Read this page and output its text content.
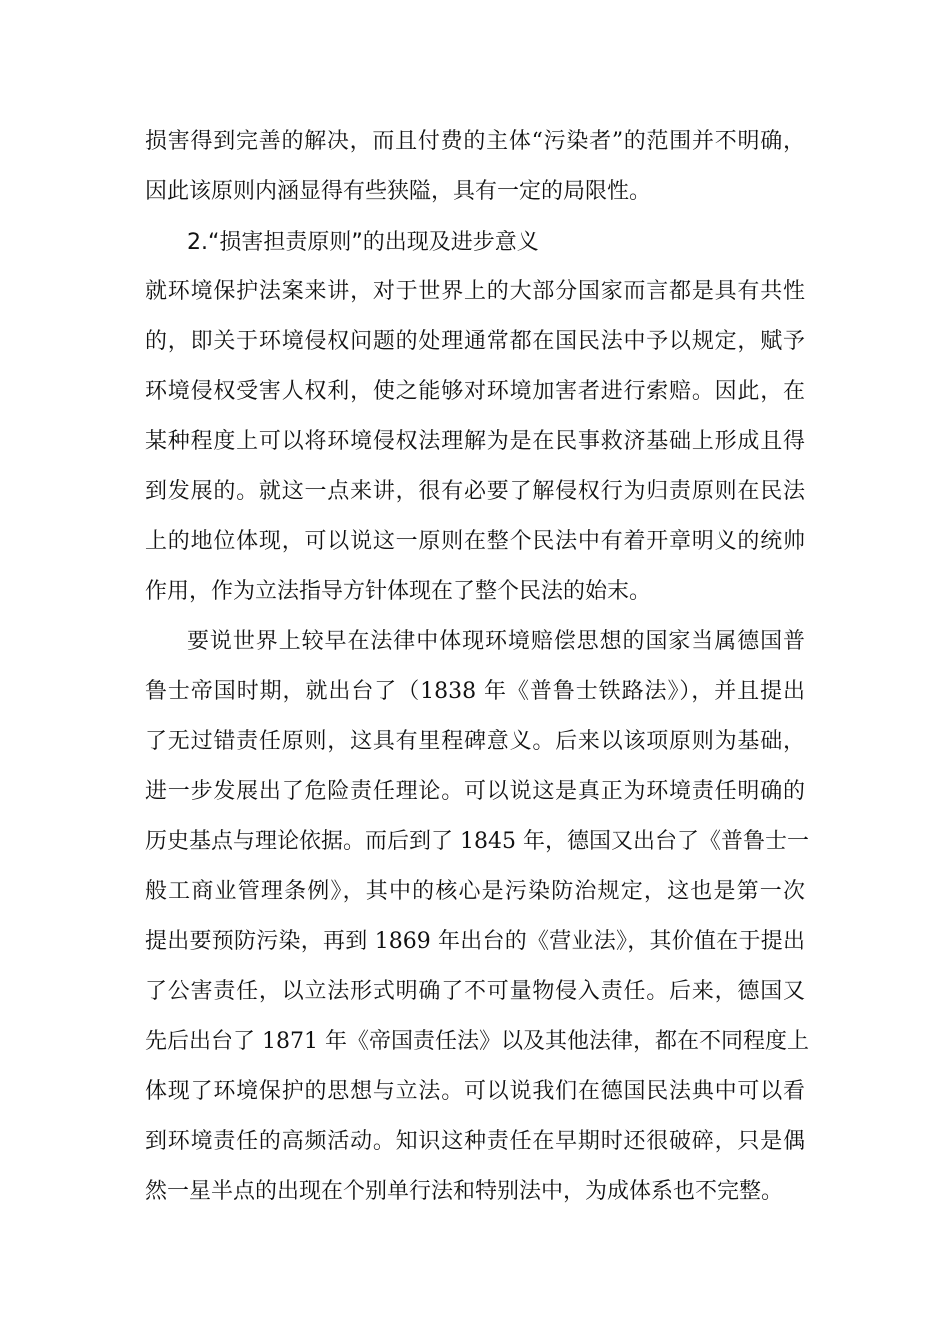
损害得到完善的解决，而且付费的主体“污染者”的范围并不明确，
因此该原则内涵显得有些狭隘，具有一定的局限性。
2.“损害担责原则”的出现及进步意义
就环境保护法案来讲，对于世界上的大部分国家而言都是具有共性
的，即关于环境侵权问题的处理通常都在国民法中予以规定，赋予
环境侵权受害人权利，使之能够对环境加害者进行索赔。因此，在
某种程度上可以将环境侵权法理解为是在民事救济基础上形成且得
到发展的。就这一点来讲，很有必要了解侵权行为归责原则在民法
上的地位体现，可以说这一原则在整个民法中有着开章明义的统帅
作用，作为立法指导方针体现在了整个民法的始末。
要说世界上较早在法律中体现环境赔偿思想的国家当属德国普
鲁士帝国时期，就出台了（1838 年《普鲁士铁路法》），并且提出
了无过错责任原则，这具有里程碑意义。后来以该项原则为基础，
进一步发展出了危险责任理论。可以说这是真正为环境责任明确的
历史基点与理论依据。而后到了 1845 年，德国又出台了《普鲁士一
般工商业管理条例》，其中的核心是污染防治规定，这也是第一次
提出要预防污染，再到 1869 年出台的《营业法》，其价值在于提出
了公害责任，以立法形式明确了不可量物侵入责任。后来，德国又
先后出台了 1871 年《帝国责任法》以及其他法律，都在不同程度上
体现了环境保护的思想与立法。可以说我们在德国民法典中可以看
到环境责任的高频活动。知识这种责任在早期时还很破碎，只是偶
然一星半点的出现在个别单行法和特别法中，为成体系也不完整。
